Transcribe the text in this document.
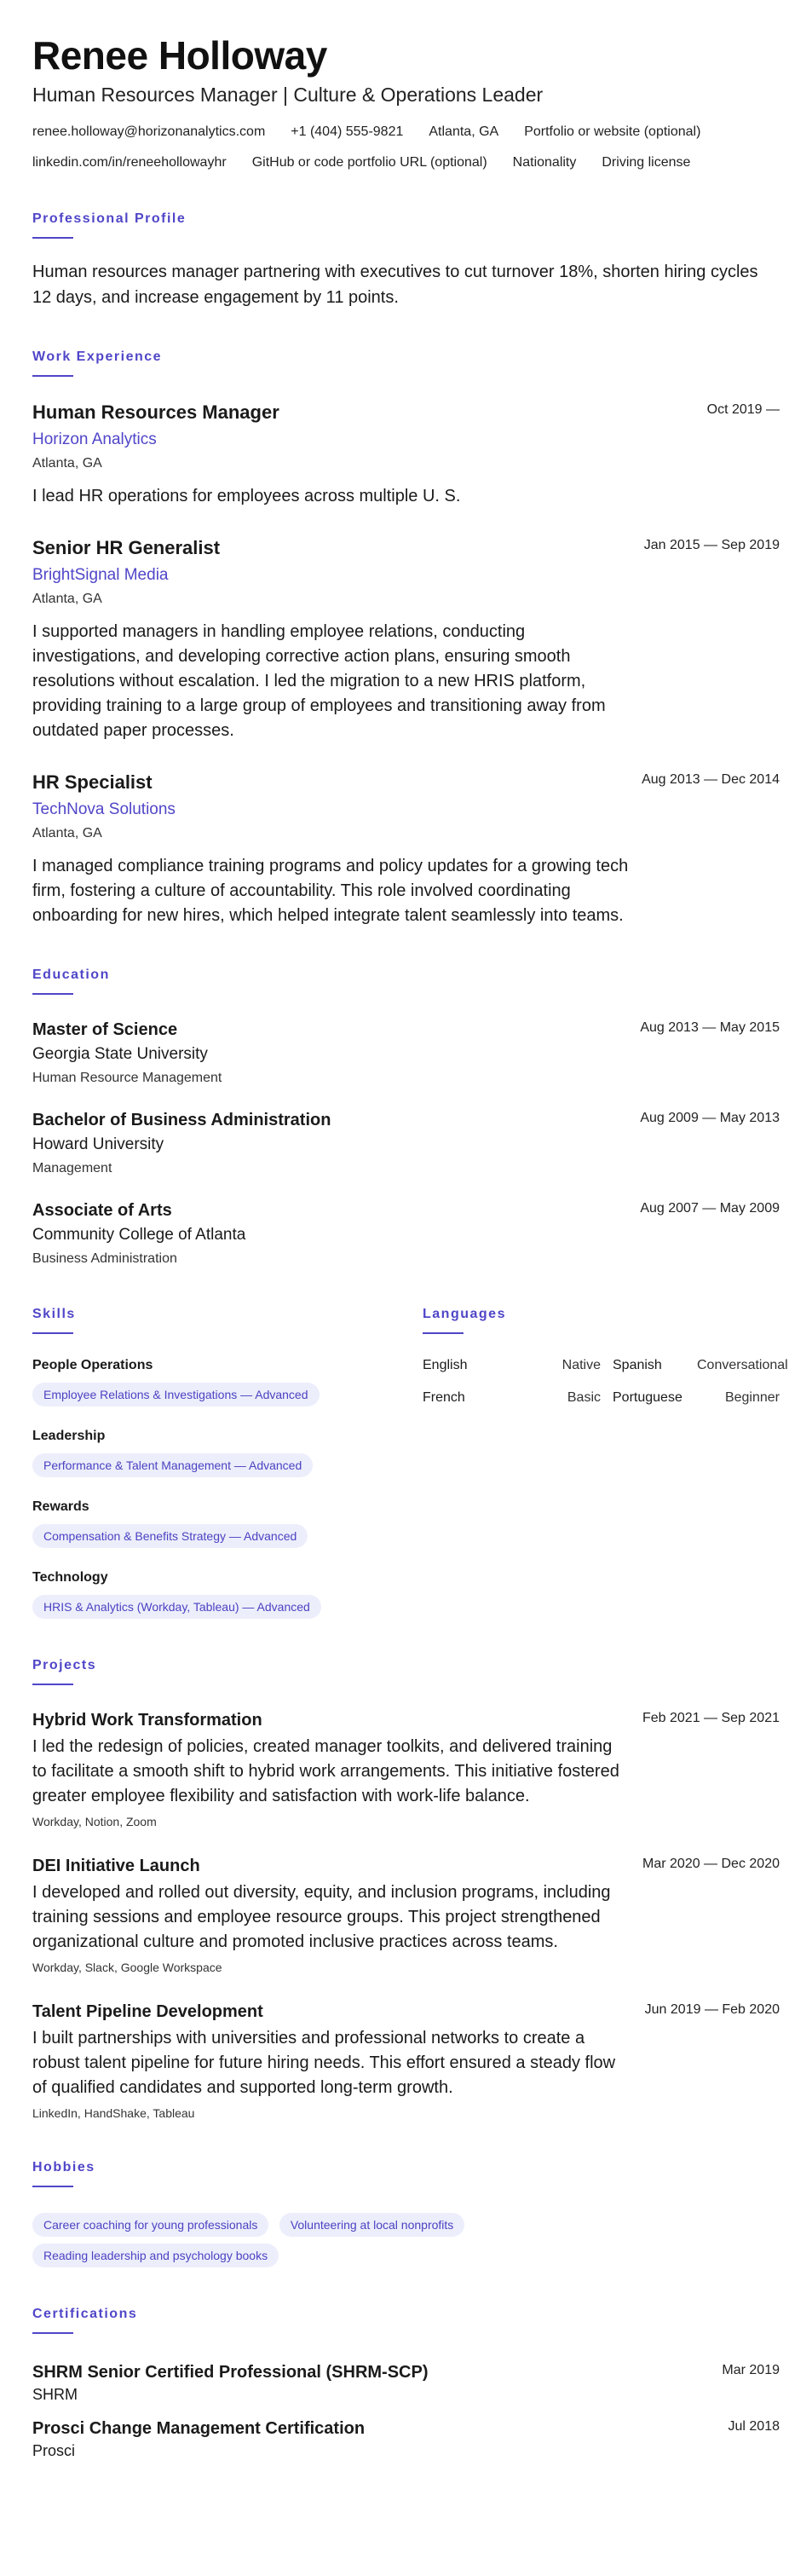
Renee Holloway
Human Resources Manager | Culture & Operations Leader
renee.holloway@horizonanalytics.com +1 (404) 555-9821 Atlanta, GA Portfolio or website (optional)
linkedin.com/in/reneehollowayhr GitHub or code portfolio URL (optional) Nationality Driving license
Professional Profile
Human resources manager partnering with executives to cut turnover 18%, shorten hiring cycles 12 days, and increase engagement by 11 points.
Work Experience
Oct 2019 —
Human Resources Manager
Horizon Analytics
Atlanta, GA
I lead HR operations for employees across multiple U. S.
Jan 2015 — Sep 2019
Senior HR Generalist
BrightSignal Media
Atlanta, GA
I supported managers in handling employee relations, conducting investigations, and developing corrective action plans, ensuring smooth resolutions without escalation. I led the migration to a new HRIS platform, providing training to a large group of employees and transitioning away from outdated paper processes.
Aug 2013 — Dec 2014
HR Specialist
TechNova Solutions
Atlanta, GA
I managed compliance training programs and policy updates for a growing tech firm, fostering a culture of accountability. This role involved coordinating onboarding for new hires, which helped integrate talent seamlessly into teams.
Education
Aug 2013 — May 2015
Master of Science
Georgia State University
Human Resource Management
Aug 2009 — May 2013
Bachelor of Business Administration
Howard University
Management
Aug 2007 — May 2009
Associate of Arts
Community College of Atlanta
Business Administration
Skills
People Operations
Employee Relations & Investigations — Advanced
Leadership
Performance & Talent Management — Advanced
Rewards
Compensation & Benefits Strategy — Advanced
Technology
HRIS & Analytics (Workday, Tableau) — Advanced
Languages
English	Native Spanish	Conversational
French	Basic Portuguese	Beginner
Projects
Feb 2021 — Sep 2021
Hybrid Work Transformation
I led the redesign of policies, created manager toolkits, and delivered training to facilitate a smooth shift to hybrid work arrangements. This initiative fostered greater employee flexibility and satisfaction with work-life balance.
Workday, Notion, Zoom
Mar 2020 — Dec 2020
DEI Initiative Launch
I developed and rolled out diversity, equity, and inclusion programs, including training sessions and employee resource groups. This project strengthened organizational culture and promoted inclusive practices across teams.
Workday, Slack, Google Workspace
Jun 2019 — Feb 2020
Talent Pipeline Development
I built partnerships with universities and professional networks to create a robust talent pipeline for future hiring needs. This effort ensured a steady flow of qualified candidates and supported long-term growth.
LinkedIn, HandShake, Tableau
Hobbies
Career coaching for young professionals	Volunteering at local nonprofits Reading leadership and psychology books
Certifications
Mar 2019
SHRM Senior Certified Professional (SHRM-SCP)
SHRM
Jul 2018
Prosci Change Management Certification
Prosci
